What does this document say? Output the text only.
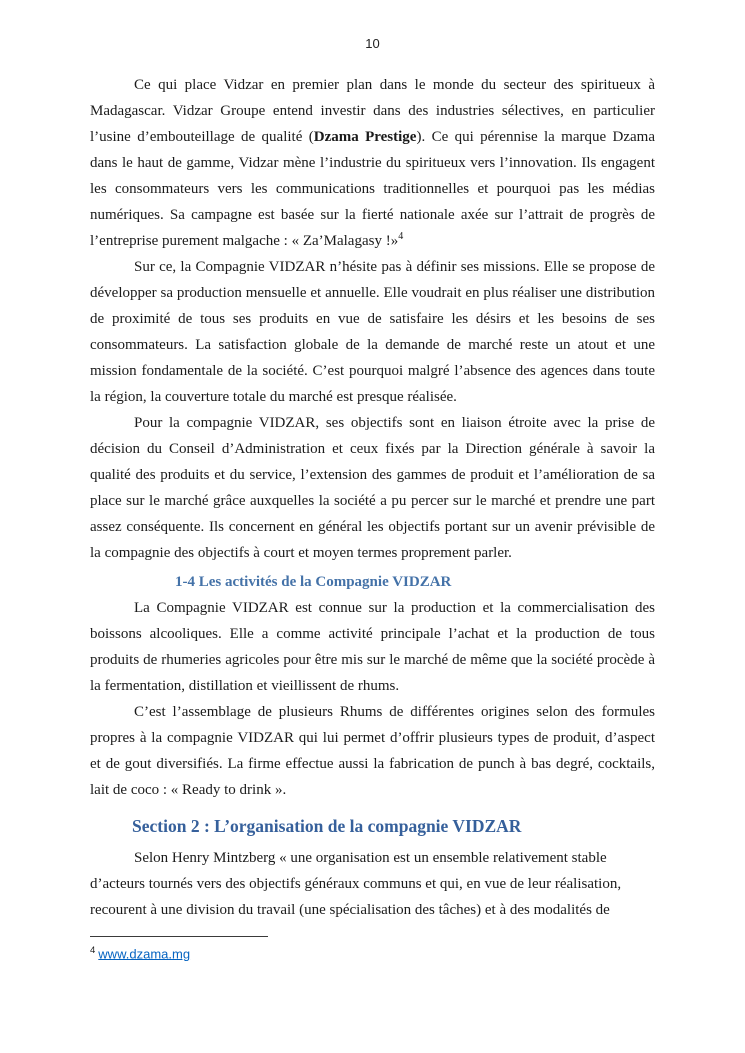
10

Ce qui place Vidzar en premier plan dans le monde du secteur des spiritueux à Madagascar. Vidzar Groupe entend investir dans des industries sélectives, en particulier l’usine d’embouteillage de qualité (Dzama Prestige). Ce qui pérennise la marque Dzama dans le haut de gamme, Vidzar mène l’industrie du spiritueux vers l’innovation. Ils engagent les consommateurs vers les communications traditionnelles et pourquoi pas les médias numériques. Sa campagne est basée sur la fierté nationale axée sur l’attrait de progrès de l’entreprise purement malgache : « Za’Malagasy !»$^4$

Sur ce, la Compagnie VIDZAR n’hésite pas à définir ses missions. Elle se propose de développer sa production mensuelle et annuelle. Elle voudrait en plus réaliser une distribution de proximité de tous ses produits en vue de satisfaire les désirs et les besoins de ses consommateurs. La satisfaction globale de la demande de marché reste un atout et une mission fondamentale de la société. C’est pourquoi malgré l’absence des agences dans toute la région, la couverture totale du marché est presque réalisée.

Pour la compagnie VIDZAR, ses objectifs sont en liaison étroite avec la prise de décision du Conseil d’Administration et ceux fixés par la Direction générale à savoir la qualité des produits et du service, l’extension des gammes de produit et l’amélioration de sa place sur le marché grâce auxquelles la société a pu percer sur le marché et prendre une part assez conséquente. Ils concernent en général les objectifs portant sur un avenir prévisible de la compagnie des objectifs à court et moyen termes proprement parler.

1-4 Les activités de la Compagnie VIDZAR

La Compagnie VIDZAR est connue sur la production et la commercialisation des boissons alcooliques. Elle a comme activité principale l’achat et la production de tous produits de rhumeries agricoles pour être mis sur le marché de même que la société procède à la fermentation, distillation et vieillissent de rhums.

C’est l’assemblage de plusieurs Rhums de différentes origines selon des formules propres à la compagnie VIDZAR qui lui permet d’offrir plusieurs types de produit, d’aspect et de gout diversifiés. La firme effectue aussi la fabrication de punch à bas degré, cocktails, lait de coco : « Ready to drink ».

Section 2 : L’organisation de la compagnie VIDZAR

Selon Henry Mintzberg « une organisation est un ensemble relativement stable d’acteurs tournés vers des objectifs généraux communs et qui, en vue de leur réalisation, recourent à une division du travail (une spécialisation des tâches) et à des modalités de

$^4$ www.dzama.mg
